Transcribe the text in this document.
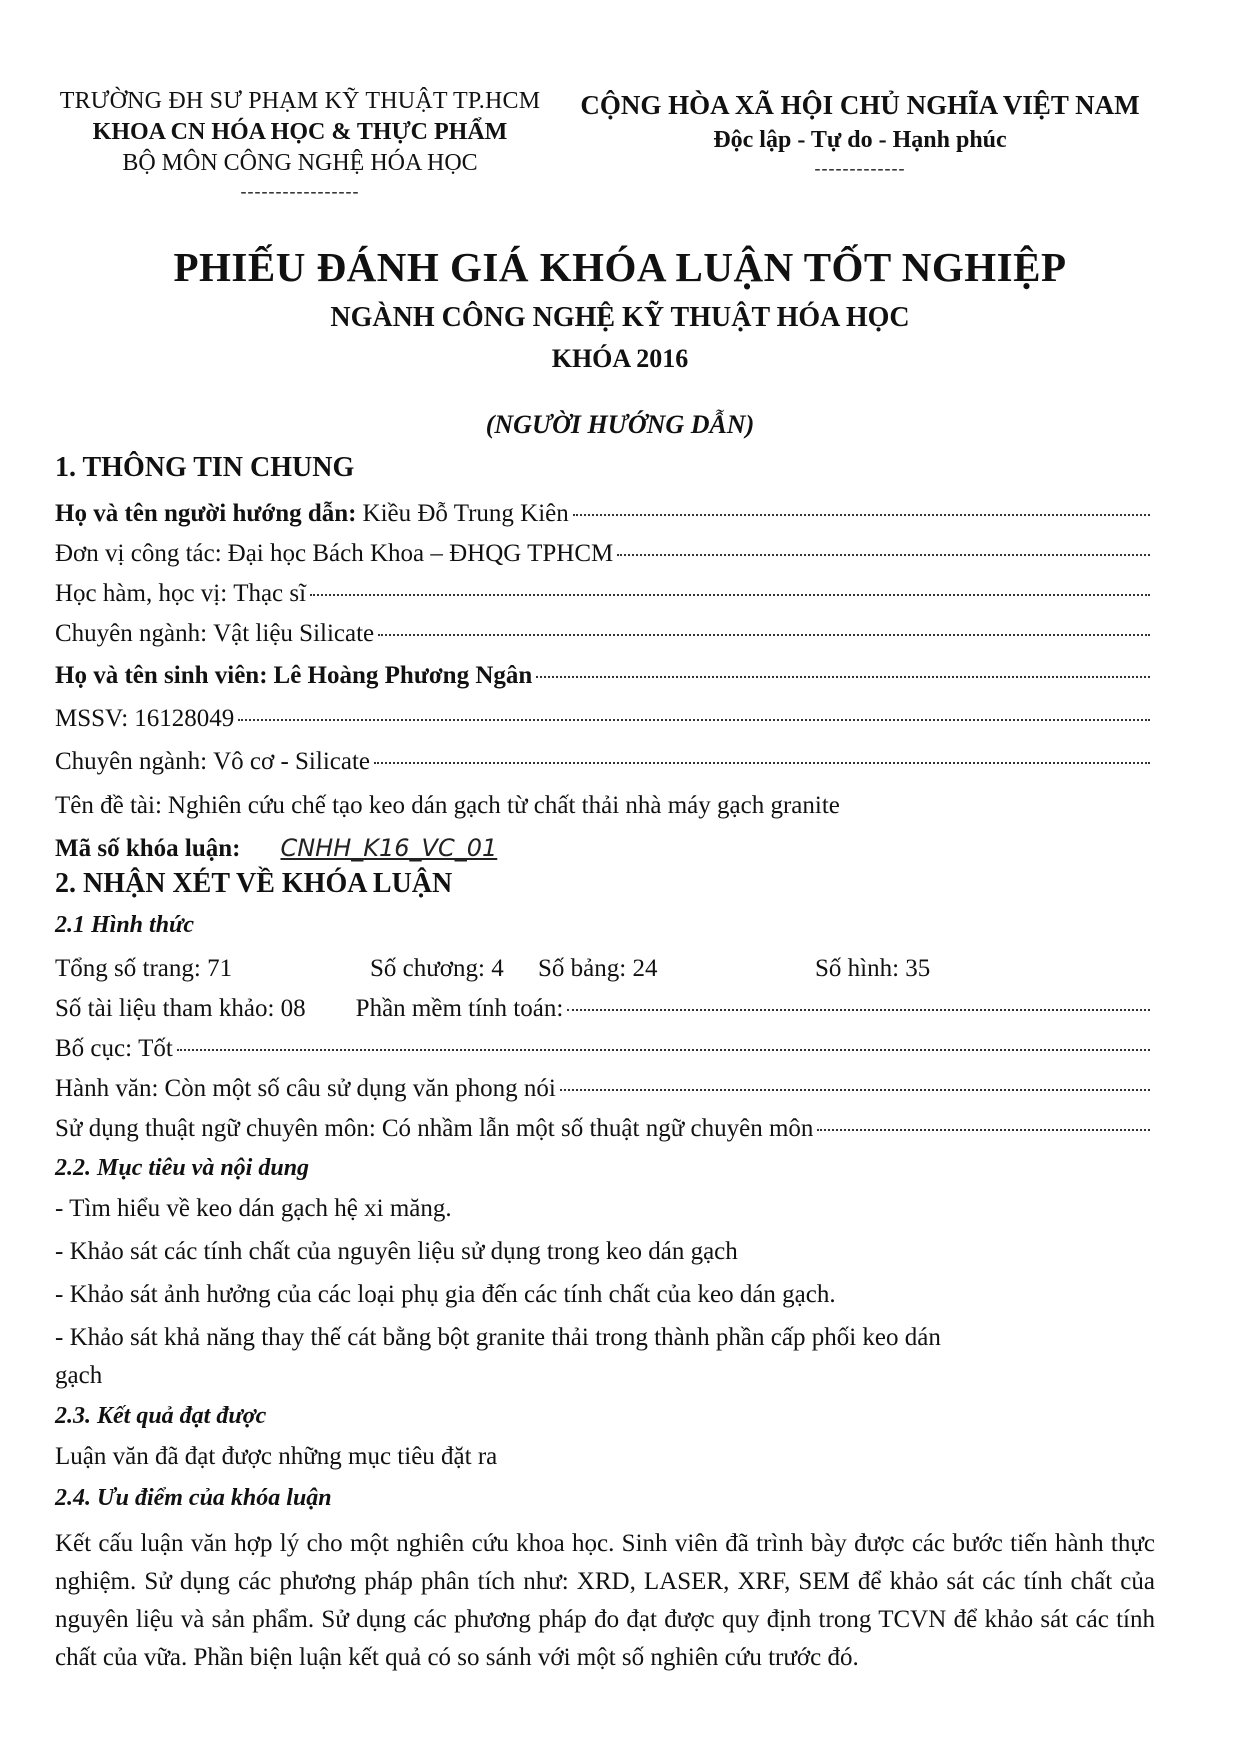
TRƯỜNG ĐH SƯ PHẠM KỸ THUẬT TP.HCM
KHOA CN HÓA HỌC & THỰC PHẨM
BỘ MÔN CÔNG NGHỆ HÓA HỌC
-----------------
CỘNG HÒA XÃ HỘI CHỦ NGHĨA VIỆT NAM
Độc lập - Tự do - Hạnh phúc
-------------
PHIẾU ĐÁNH GIÁ KHÓA LUẬN TỐT NGHIỆP
NGÀNH CÔNG NGHỆ KỸ THUẬT HÓA HỌC
KHÓA 2016
(NGƯỜI HƯỚNG DẪN)
1. THÔNG TIN CHUNG
Họ và tên người hướng dẫn: Kiều Đỗ Trung Kiên
Đơn vị công tác: Đại học Bách Khoa – ĐHQG TPHCM
Học hàm, học vị: Thạc sĩ
Chuyên ngành: Vật liệu Silicate
Họ và tên sinh viên: Lê Hoàng Phương Ngân
MSSV: 16128049
Chuyên ngành: Vô cơ - Silicate
Tên đề tài: Nghiên cứu chế tạo keo dán gạch từ chất thải nhà máy gạch granite
Mã số khóa luận: CNHH_K16_VC_01
2. NHẬN XÉT VỀ KHÓA LUẬN
2.1 Hình thức
Tổng số trang: 71	Số chương: 4 Số bảng: 24	Số hình: 35
Số tài liệu tham khảo: 08 Phần mềm tính toán:
Bố cục: Tốt
Hành văn: Còn một số câu sử dụng văn phong nói
Sử dụng thuật ngữ chuyên môn: Có nhầm lẫn một số thuật ngữ chuyên môn
2.2. Mục tiêu và nội dung
- Tìm hiểu về keo dán gạch hệ xi măng.
- Khảo sát các tính chất của nguyên liệu sử dụng trong keo dán gạch
- Khảo sát ảnh hưởng của các loại phụ gia đến các tính chất của keo dán gạch.
- Khảo sát khả năng thay thế cát bằng bột granite thải trong thành phần cấp phối keo dán
gạch
2.3. Kết quả đạt được
Luận văn đã đạt được những mục tiêu đặt ra
2.4. Ưu điểm của khóa luận
Kết cấu luận văn hợp lý cho một nghiên cứu khoa học. Sinh viên đã trình bày được các bước tiến hành thực nghiệm. Sử dụng các phương pháp phân tích như: XRD, LASER, XRF, SEM để khảo sát các tính chất của nguyên liệu và sản phẩm. Sử dụng các phương pháp đo đạt được quy định trong TCVN để khảo sát các tính chất của vữa. Phần biện luận kết quả có so sánh với một số nghiên cứu trước đó.
